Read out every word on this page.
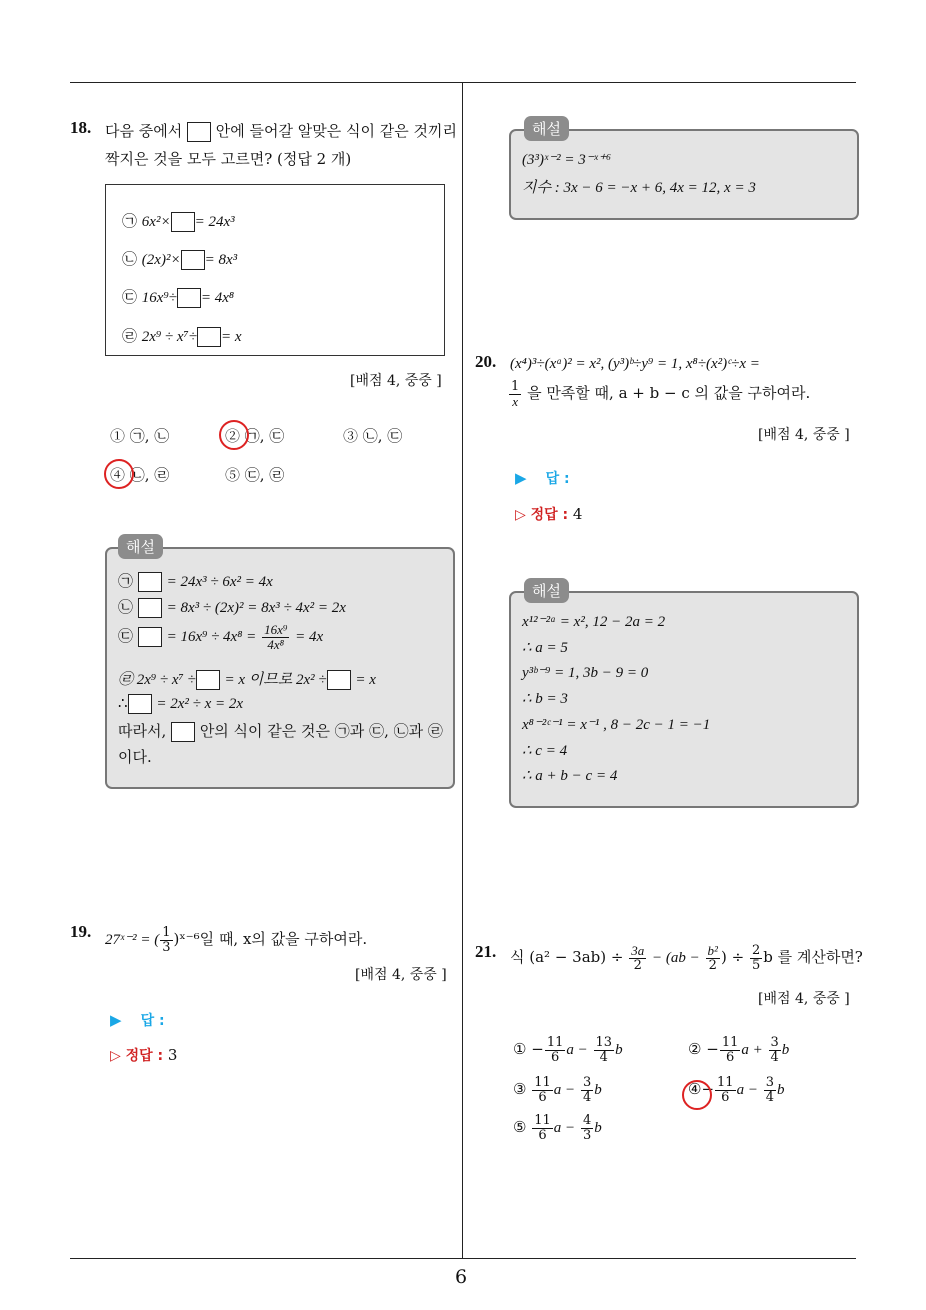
6
18. 다음 중에서 안에 들어갈 알맞은 식이 같은 것끼리
짝지은 것을 모두 고르면? (정답 2 개)
㉠ 6x²× = 24x³
㉡ (2x)²× = 8x³
㉢ 16x⁹÷ = 4x⁸
㉣ 2x⁹ ÷ x⁷÷ = x
[배점 4, 중중 ]
① ㉠, ㉡	② ㉠, ㉢	③ ㉡, ㉢
④ ㉡, ㉣	⑤ ㉢, ㉣
해설
㉠ = 24x³ ÷ 6x² = 4x
㉡ = 8x³ ÷ (2x)² = 8x³ ÷ 4x² = 2x
㉢ = $16x^9 \div 4x^8 = \frac{\text{16x⁹}}{\text{4x⁸}} = 4x$
㉣ 2x⁹ ÷ x⁷ ÷ = x 이므로 2x² ÷ = x
∴ = 2x² ÷ x = 2x
따라서, 안의 식이 같은 것은 ㉠과 ㉢, ㉡과 ㉣
이다.
19. 27ˣ⁻² = ( $\frac{1}{3}$ )ˣ⁻⁶일 때, x의 값을 구하여라.
[배점 4, 중중 ]
▶ 답 :
▷ 정답 : 3
해설
(3³)ˣ⁻² = 3⁻ˣ⁺⁶
지수 : 3x − 6 = −x + 6, 4x = 12, x = 3
20. (x⁴)³÷(xᵃ)² = x², (y³)ᵇ÷y⁹ = 1, x⁸÷(x²)ᶜ÷x =
$\frac{1}{x}$ 을 만족할 때, a + b − c 의 값을 구하여라.
[배점 4, 중중 ]
▶ 답 :
▷ 정답 : 4
해설
x¹²⁻²ᵃ = x², 12 − 2a = 2
∴ a = 5
y³ᵇ⁻⁹ = 1, 3b − 9 = 0
∴ b = 3
x⁸⁻²ᶜ⁻¹ = x⁻¹ , 8 − 2c − 1 = −1
∴ c = 4
∴ a + b − c = 4
21. 식 $(a^2 - 3ab) \div \frac{3a}{2} - (ab - \frac{\text{b²}}{2}$ ) ÷ $\frac{2}{5}$ b 를 계산하면?
[배점 4, 중중 ]
① − $\frac{11}{6}$ $a - \frac{13}{4}$ b	② − $\frac{11}{6}$ $a + \frac{3}{4}$ b
③ $\frac{11}{6}$ $a - \frac{3}{4}$ b	④− $\frac{11}{6}$ $a - \frac{3}{4}$ b
⑤ $\frac{11}{6}$ $a - \frac{4}{3}$ b
